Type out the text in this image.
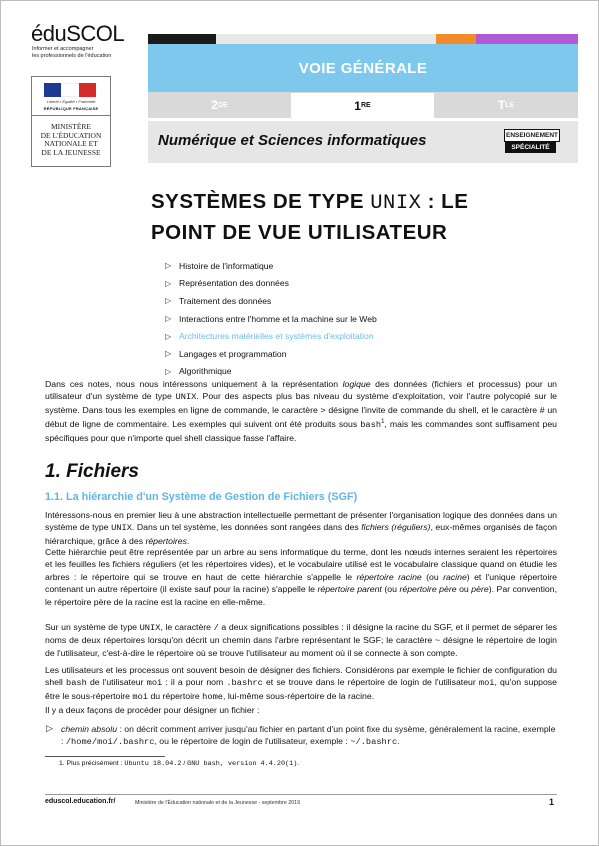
éduSCOL
Informer et accompagner
les professionnels de l'éducation
Liberté • Égalité • Fraternité
RÉPUBLIQUE FRANÇAISE
MINISTÈRE
DE L'ÉDUCATION
NATIONALE ET
DE LA JEUNESSE
VOIE GÉNÉRALE
2 DE	1 RE	T LE
Numérique et Sciences informatiques	ENSEIGNEMENT
SPÉCIALITÉ
SYSTÈMES DE TYPE UNIX : LE
POINT DE VUE UTILISATEUR
▷ Histoire de l'informatique
▷ Représentation des données
▷ Traitement des données
▷ Interactions entre l'homme et la machine sur le Web
▷ Architectures matérielles et systèmes d'exploitation
▷ Langages et programmation
▷ Algorithmique
Dans ces notes, nous nous intéressons uniquement à la représentation logique des données (fichiers et processus) pour un utilisateur d'un système de type UNIX. Pour des aspects plus bas niveau du système d'exploitation, voir l'autre polycopié sur le système. Dans tous les exemples en ligne de commande, le caractère > désigne l'invite de commande du shell, et le caractère # un début de ligne de commentaire. Les exemples qui suivent ont été produits sous bash$^1$, mais les commandes sont suffisament peu spécifiques pour que n'importe quel shell classique fasse l'affaire.
1. Fichiers
1.1. La hiérarchie d'un Système de Gestion de Fichiers (SGF)
Intéressons-nous en premier lieu à une abstraction intellectuelle permettant de présenter l'organisation logique des données dans un système de type UNIX. Dans un tel système, les données sont rangées dans des fichiers (réguliers), eux-mêmes organisés de façon hiérarchique, grâce à des répertoires.
Cette hiérarchie peut être représentée par un arbre au sens informatique du terme, dont les nœuds internes seraient les répertoires et les feuilles les fichiers réguliers (et les répertoires vides), et le vocabulaire utilisé est le vocabulaire classique quand on étudie les arbres : le répertoire qui se trouve en haut de cette hiérarchie s'appelle le répertoire racine (ou racine) et l'unique répertoire contenant un autre répertoire (il existe sauf pour la racine) s'appelle le répertoire parent (ou répertoire père ou père). Par convention, le répertoire père de la racine est la racine en elle-même.
Sur un système de type UNIX, le caractère / a deux significations possibles : il désigne la racine du SGF, et il permet de séparer les noms de deux répertoires lorsqu'on décrit un chemin dans l'arbre représentant le SGF; le caractère ~ désigne le répertoire de login de l'utilisateur, c'est-à-dire le répertoire où se trouve l'utilisateur au moment où il se connecte à son compte.
Les utilisateurs et les processus ont souvent besoin de désigner des fichiers. Considérons par exemple le fichier de configuration du shell bash de l'utilisateur moi : il a pour nom .bashrc et se trouve dans le répertoire de login de l'utilisateur moi, qu'on suppose être le sous-répertoire moi du répertoire home, lui-même sous-répertoire de la racine.
Il y a deux façons de procéder pour désigner un fichier :
▷ chemin absolu : on décrit comment arriver jusqu'au fichier en partant d'un point fixe du sysème, généralement la racine, exemple : /home/moi/.bashrc, ou le répertoire de login de l'utilisateur, exemple : ~/.bashrc.
1. Plus précisément : Ubuntu 18.04.2 / GNU bash, version 4.4.20(1).
eduscol.education.fr/	Ministère de l'Éducation nationale et de la Jeunesse - septembre 2019	1
